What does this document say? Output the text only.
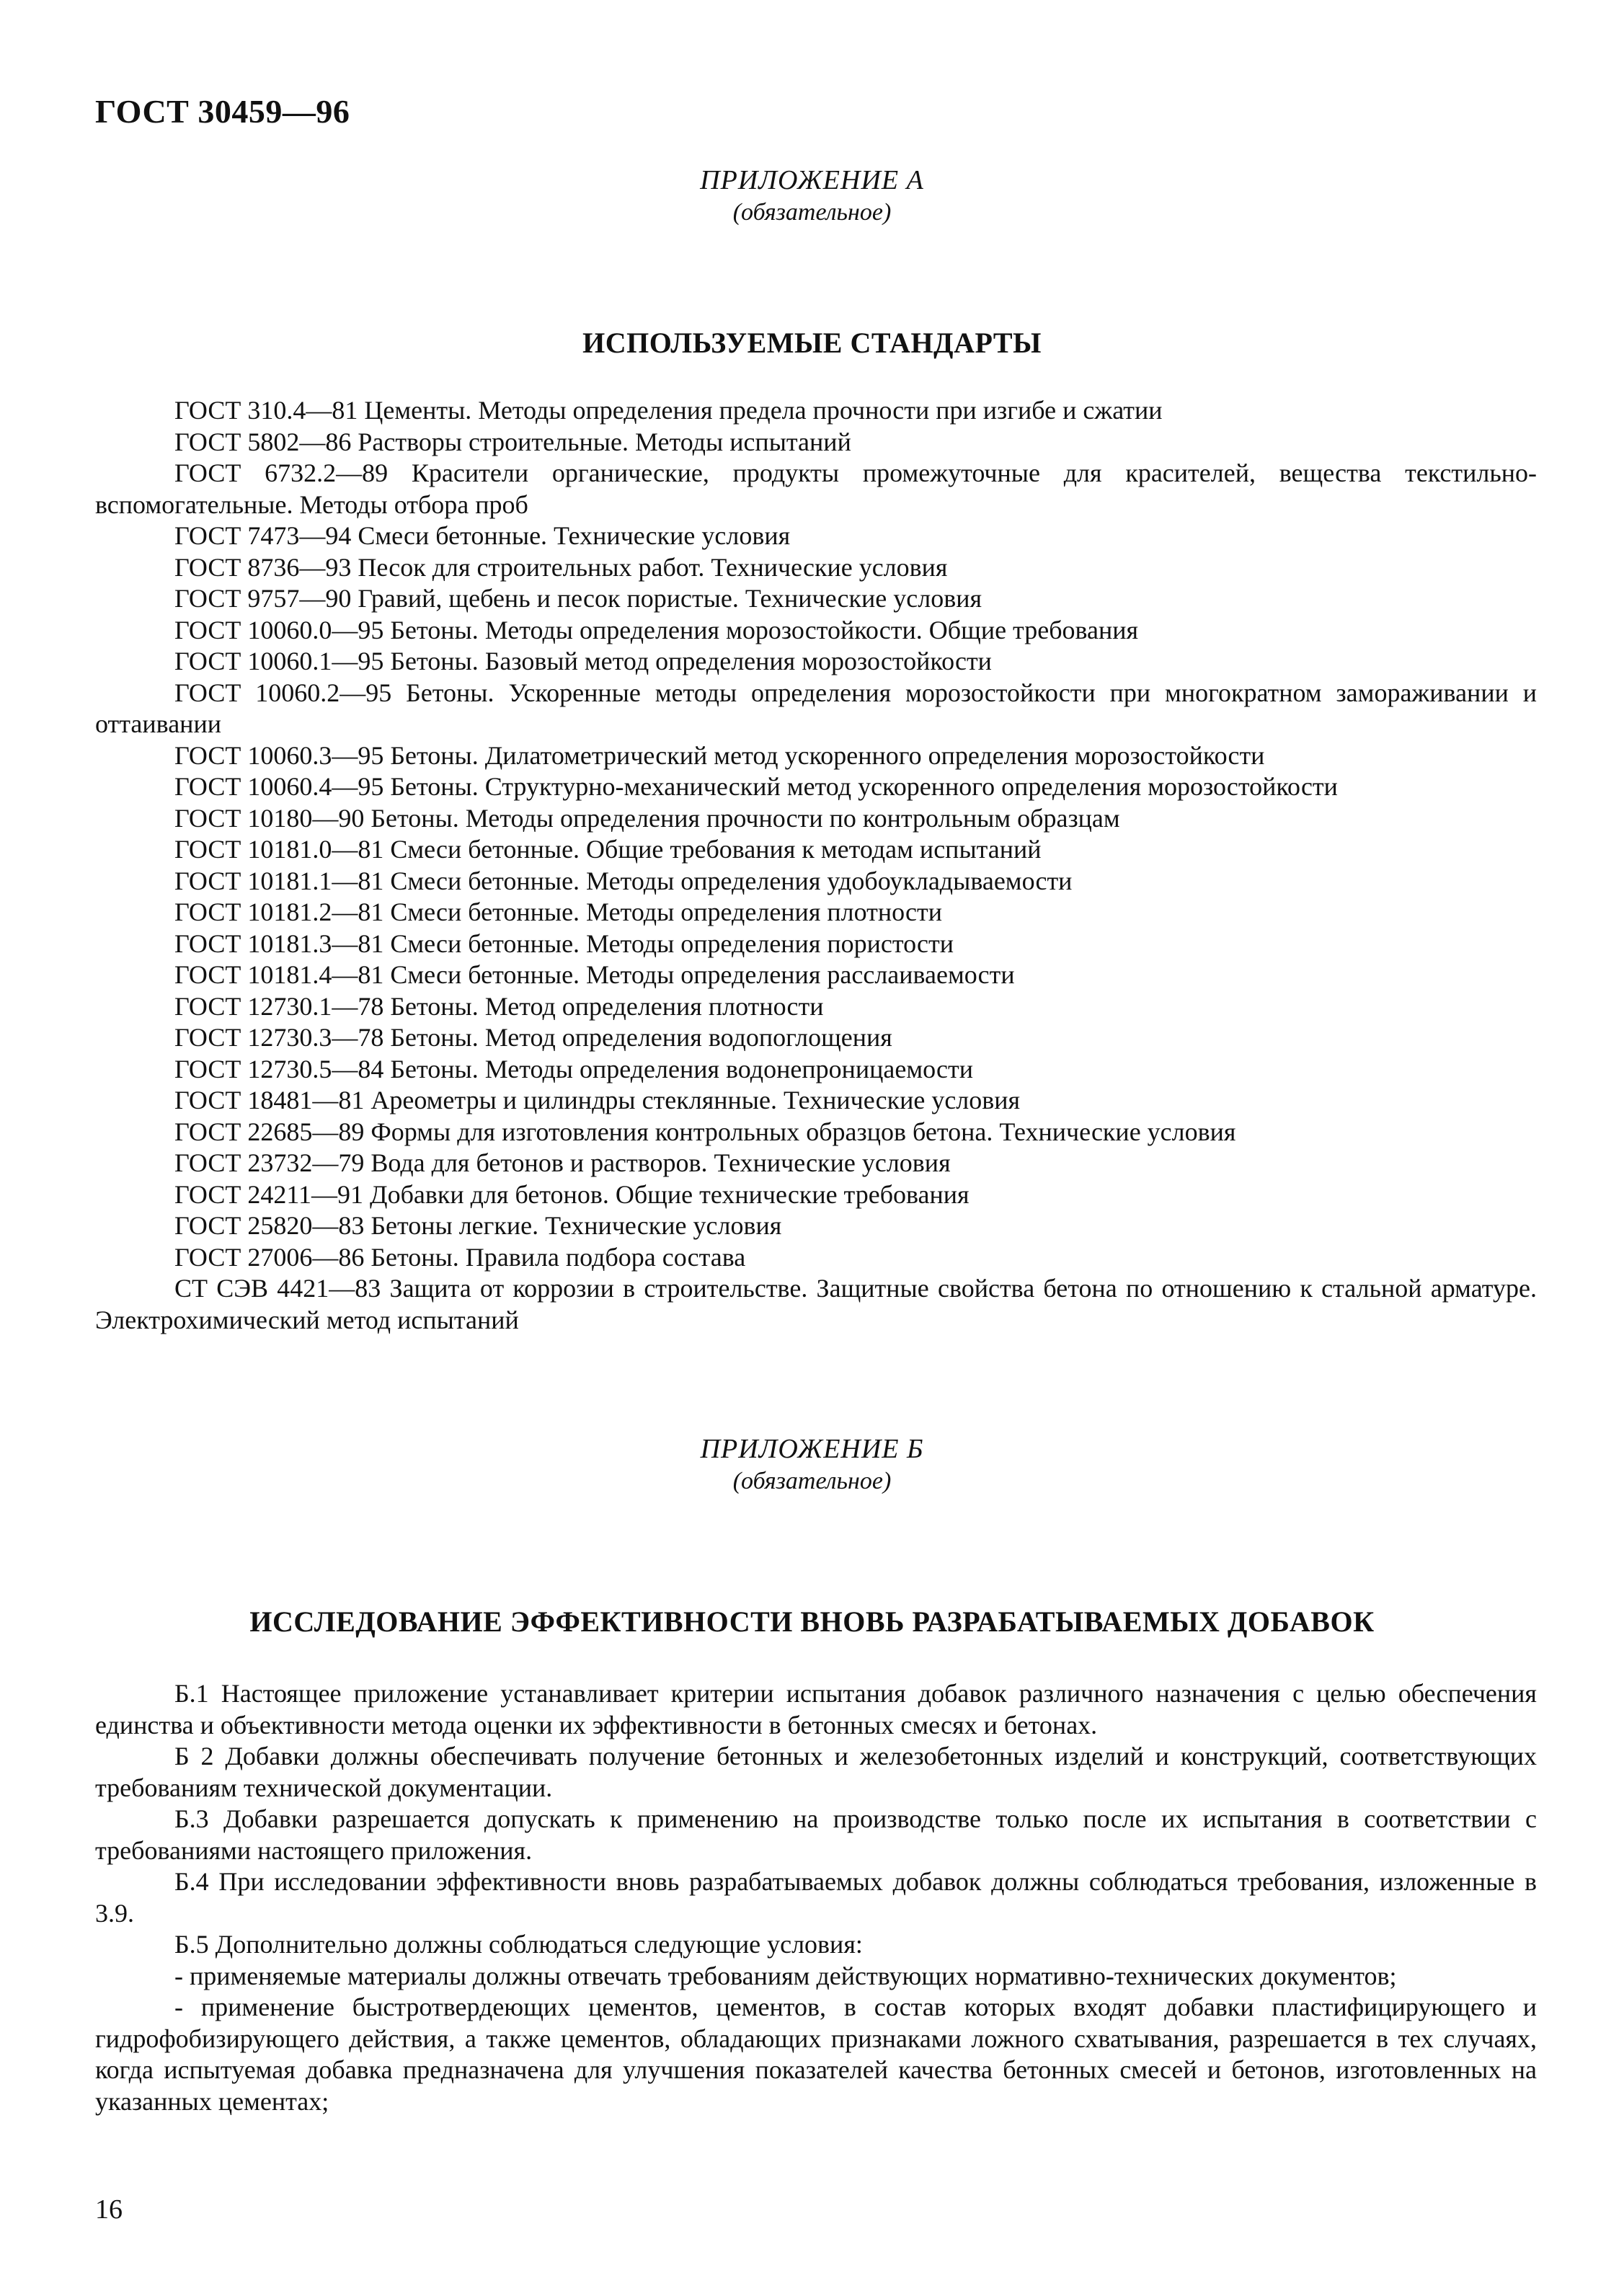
ГОСТ 30459—96
ПРИЛОЖЕНИЕ А
(обязательное)
ИСПОЛЬЗУЕМЫЕ СТАНДАРТЫ

ГОСТ 310.4—81 Цементы. Методы определения предела прочности при изгибе и сжатии

ГОСТ 5802—86 Растворы строительные. Методы испытаний

ГОСТ 6732.2—89 Красители органические, продукты промежуточные для красителей, вещества текстильно-вспомогательные. Методы отбора проб

ГОСТ 7473—94 Смеси бетонные. Технические условия

ГОСТ 8736—93 Песок для строительных работ. Технические условия

ГОСТ 9757—90 Гравий, щебень и песок пористые. Технические условия

ГОСТ 10060.0—95 Бетоны. Методы определения морозостойкости. Общие требования

ГОСТ 10060.1—95 Бетоны. Базовый метод определения морозостойкости

ГОСТ 10060.2—95 Бетоны. Ускоренные методы определения морозостойкости при многократном замораживании и оттаивании

ГОСТ 10060.3—95 Бетоны. Дилатометрический метод ускоренного определения морозостойкости

ГОСТ 10060.4—95 Бетоны. Структурно-механический метод ускоренного определения морозостойкости

ГОСТ 10180—90 Бетоны. Методы определения прочности по контрольным образцам

ГОСТ 10181.0—81 Смеси бетонные. Общие требования к методам испытаний

ГОСТ 10181.1—81 Смеси бетонные. Методы определения удобоукладываемости

ГОСТ 10181.2—81 Смеси бетонные. Методы определения плотности

ГОСТ 10181.3—81 Смеси бетонные. Методы определения пористости

ГОСТ 10181.4—81 Смеси бетонные. Методы определения расслаиваемости

ГОСТ 12730.1—78 Бетоны. Метод определения плотности

ГОСТ 12730.3—78 Бетоны. Метод определения водопоглощения

ГОСТ 12730.5—84 Бетоны. Методы определения водонепроницаемости

ГОСТ 18481—81 Ареометры и цилиндры стеклянные. Технические условия

ГОСТ 22685—89 Формы для изготовления контрольных образцов бетона. Технические условия

ГОСТ 23732—79 Вода для бетонов и растворов. Технические условия

ГОСТ 24211—91 Добавки для бетонов. Общие технические требования

ГОСТ 25820—83 Бетоны легкие. Технические условия

ГОСТ 27006—86 Бетоны. Правила подбора состава

СТ СЭВ 4421—83 Защита от коррозии в строительстве. Защитные свойства бетона по отношению к стальной арматуре. Электрохимический метод испытаний

ПРИЛОЖЕНИЕ Б
(обязательное)
ИССЛЕДОВАНИЕ ЭФФЕКТИВНОСТИ ВНОВЬ РАЗРАБАТЫВАЕМЫХ ДОБАВОК

Б.1 Настоящее приложение устанавливает критерии испытания добавок различного назначения с целью обеспечения единства и объективности метода оценки их эффективности в бетонных смесях и бетонах.

Б 2 Добавки должны обеспечивать получение бетонных и железобетонных изделий и конструкций, соответствующих требованиям технической документации.

Б.3 Добавки разрешается допускать к применению на производстве только после их испытания в соответствии с требованиями настоящего приложения.

Б.4 При исследовании эффективности вновь разрабатываемых добавок должны соблюдаться требования, изложенные в 3.9.

Б.5 Дополнительно должны соблюдаться следующие условия:

- применяемые материалы должны отвечать требованиям действующих нормативно-технических документов;

- применение быстротвердеющих цементов, цементов, в состав которых входят добавки пластифицирующего и гидрофобизирующего действия, а также цементов, обладающих признаками ложного схватывания, разрешается в тех случаях, когда испытуемая добавка предназначена для улучшения показателей качества бетонных смесей и бетонов, изготовленных на указанных цементах;

16
